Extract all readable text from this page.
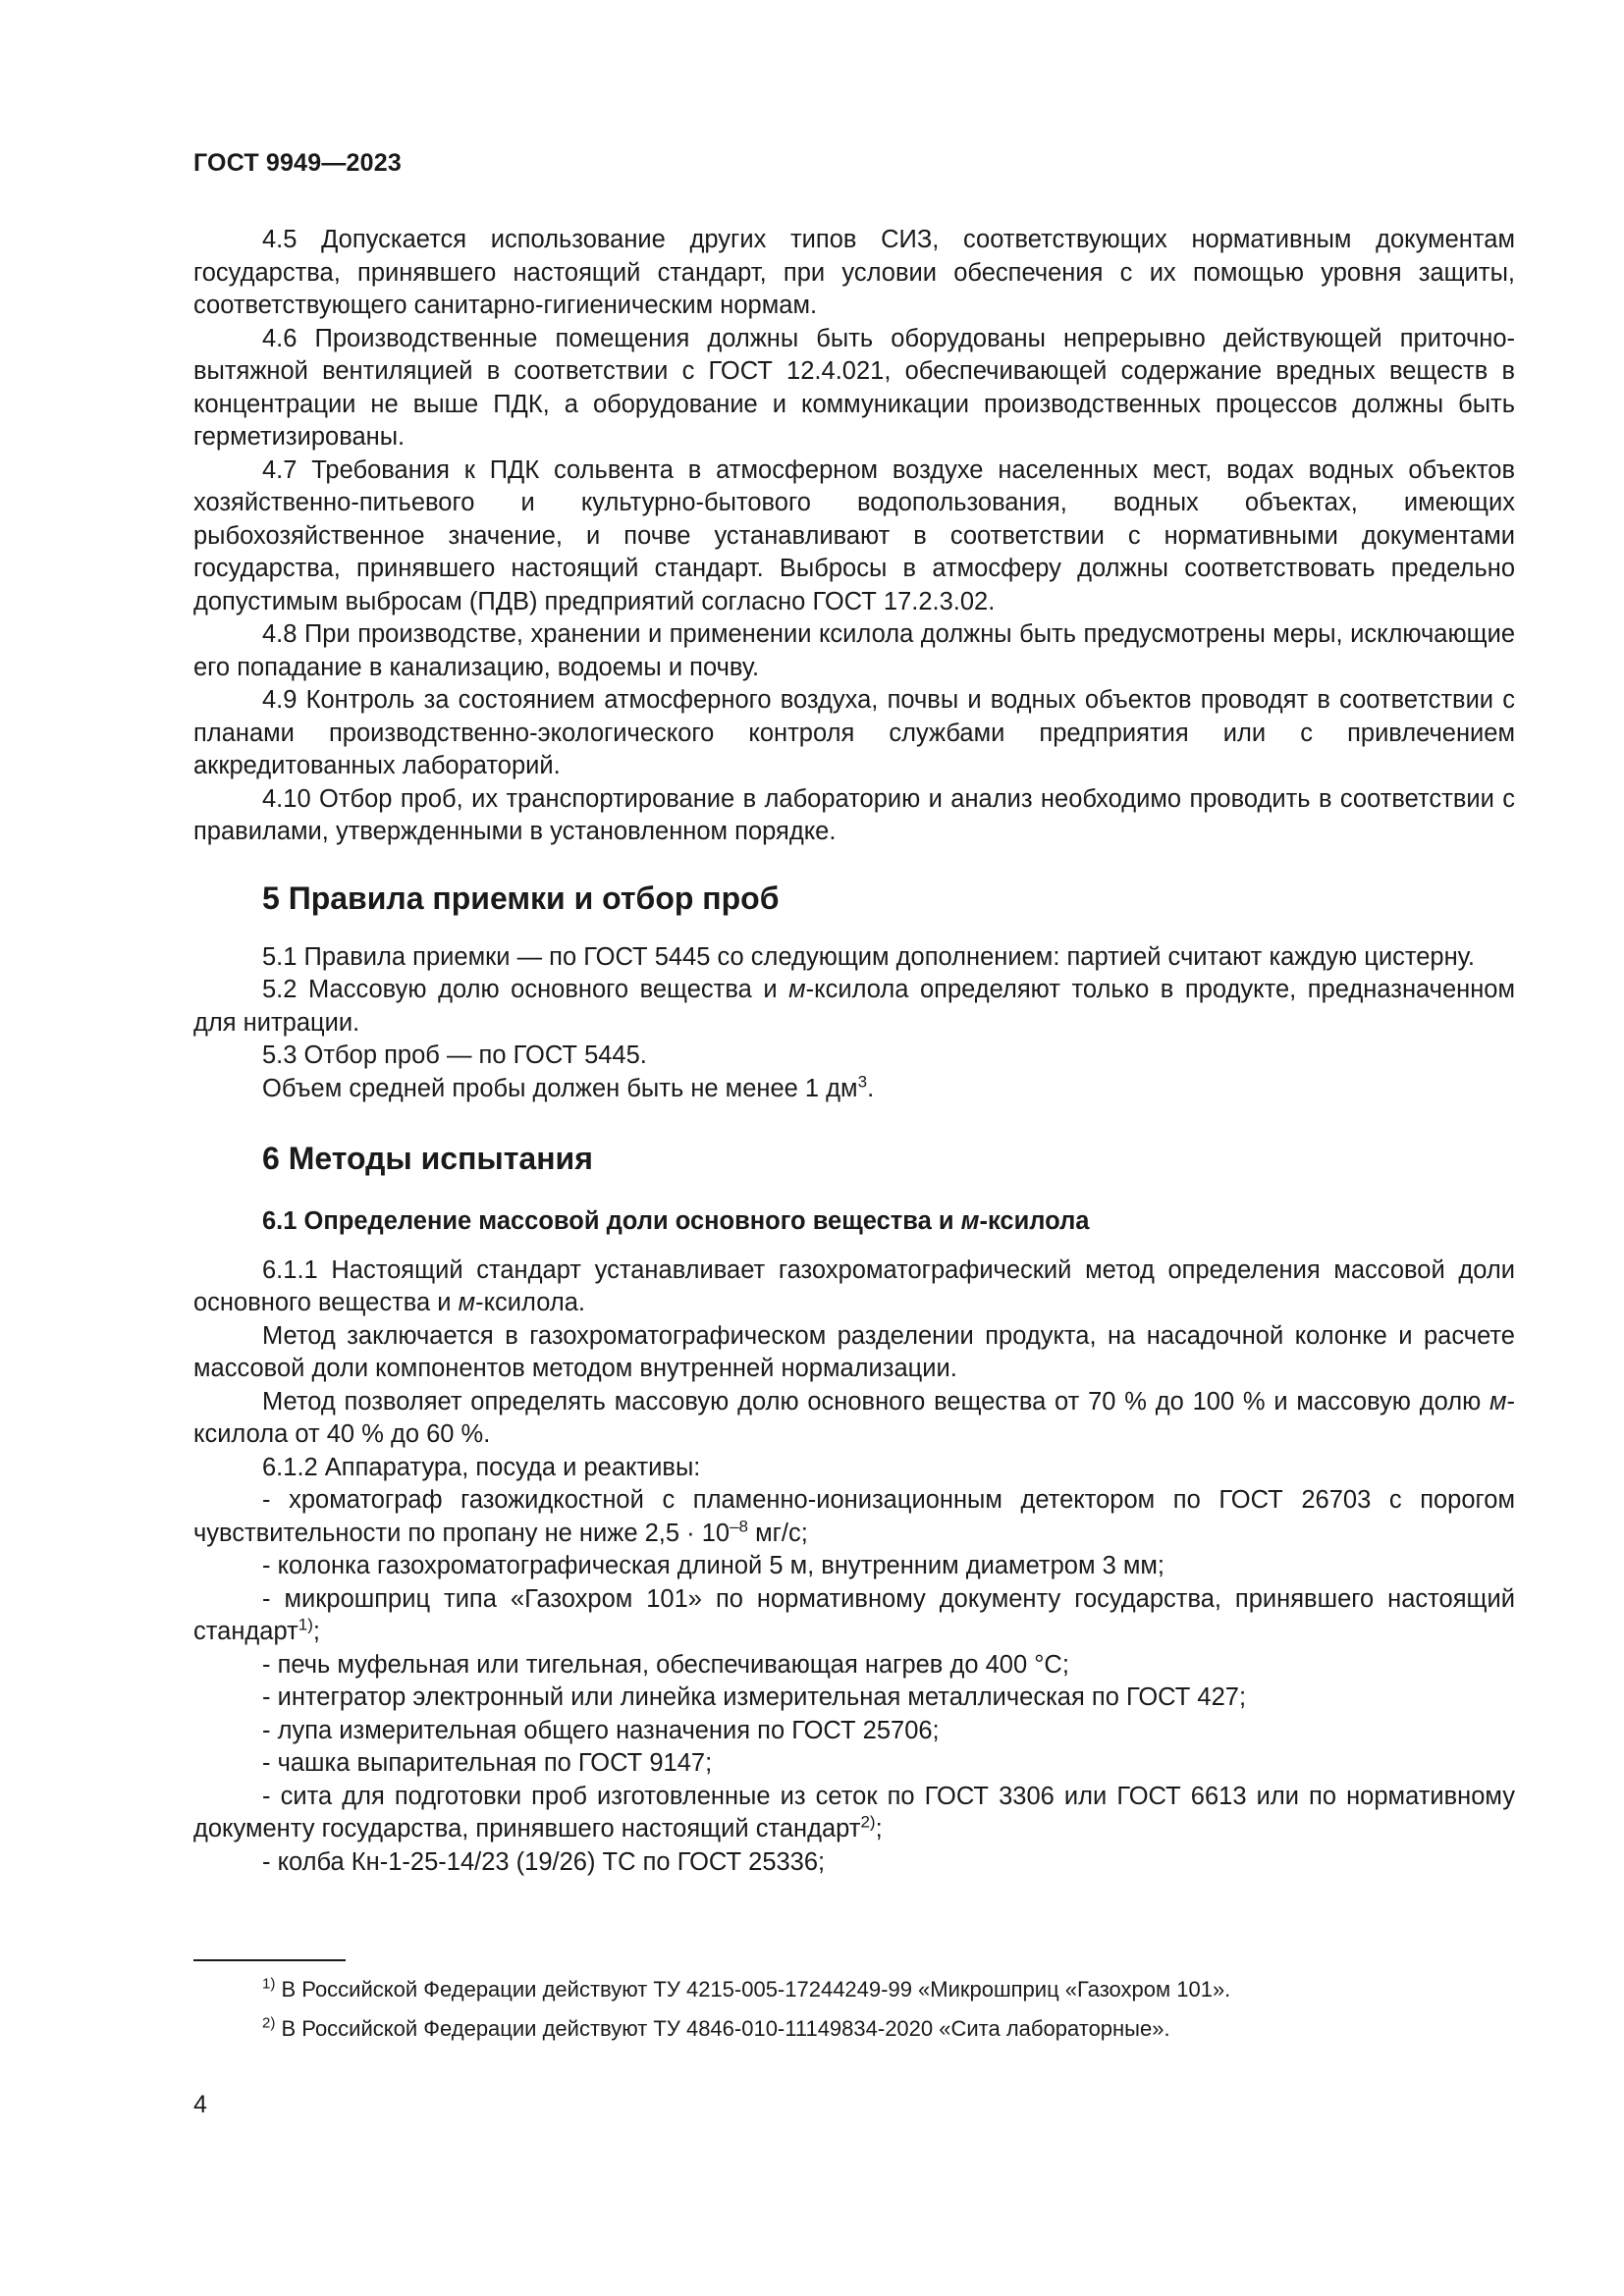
ГОСТ 9949—2023

4.5 Допускается использование других типов СИЗ, соответствующих нормативным документам государства, принявшего настоящий стандарт, при условии обеспечения с их помощью уровня защиты, соответствующего санитарно-гигиеническим нормам.

4.6 Производственные помещения должны быть оборудованы непрерывно действующей приточно-вытяжной вентиляцией в соответствии с ГОСТ 12.4.021, обеспечивающей содержание вредных веществ в концентрации не выше ПДК, а оборудование и коммуникации производственных процессов должны быть герметизированы.

4.7 Требования к ПДК сольвента в атмосферном воздухе населенных мест, водах водных объектов хозяйственно-питьевого и культурно-бытового водопользования, водных объектах, имеющих рыбохозяйственное значение, и почве устанавливают в соответствии с нормативными документами государства, принявшего настоящий стандарт. Выбросы в атмосферу должны соответствовать предельно допустимым выбросам (ПДВ) предприятий согласно ГОСТ 17.2.3.02.

4.8 При производстве, хранении и применении ксилола должны быть предусмотрены меры, исключающие его попадание в канализацию, водоемы и почву.

4.9 Контроль за состоянием атмосферного воздуха, почвы и водных объектов проводят в соответствии с планами производственно-экологического контроля службами предприятия или с привлечением аккредитованных лабораторий.

4.10 Отбор проб, их транспортирование в лабораторию и анализ необходимо проводить в соответствии с правилами, утвержденными в установленном порядке.

5 Правила приемки и отбор проб

5.1 Правила приемки — по ГОСТ 5445 со следующим дополнением: партией считают каждую цистерну.

5.2 Массовую долю основного вещества и м-ксилола определяют только в продукте, предназначенном для нитрации.

5.3 Отбор проб — по ГОСТ 5445.

Объем средней пробы должен быть не менее 1 $дм^3$.

6 Методы испытания
6.1 Определение массовой доли основного вещества и м-ксилола

6.1.1 Настоящий стандарт устанавливает газохроматографический метод определения массовой доли основного вещества и м-ксилола.

Метод заключается в газохроматографическом разделении продукта, на насадочной колонке и расчете массовой доли компонентов методом внутренней нормализации.

Метод позволяет определять массовую долю основного вещества от 70 % до 100 % и массовую долю м-ксилола от 40 % до 60 %.

6.1.2 Аппаратура, посуда и реактивы:

- хроматограф газожидкостной с пламенно-ионизационным детектором по ГОСТ 26703 с порогом чувствительности по пропану не ниже $2,5 \cdot 10^{-8}$ мг/с;

- колонка газохроматографическая длиной 5 м, внутренним диаметром 3 мм;

- микрошприц типа «Газохром 101» по нормативному документу государства, принявшего настоящий стандарт$^{1)}$;

- печь муфельная или тигельная, обеспечивающая нагрев до 400 °С;

- интегратор электронный или линейка измерительная металлическая по ГОСТ 427;

- лупа измерительная общего назначения по ГОСТ 25706;

- чашка выпарительная по ГОСТ 9147;

- сита для подготовки проб изготовленные из сеток по ГОСТ 3306 или ГОСТ 6613 или по нормативному документу государства, принявшего настоящий стандарт$^{2)}$;

- колба Кн-1-25-14/23 (19/26) ТС по ГОСТ 25336;

$^{1)}$ В Российской Федерации действуют ТУ 4215-005-17244249-99 «Микрошприц «Газохром 101».

$^{2)}$ В Российской Федерации действуют ТУ 4846-010-11149834-2020 «Сита лабораторные».

4
